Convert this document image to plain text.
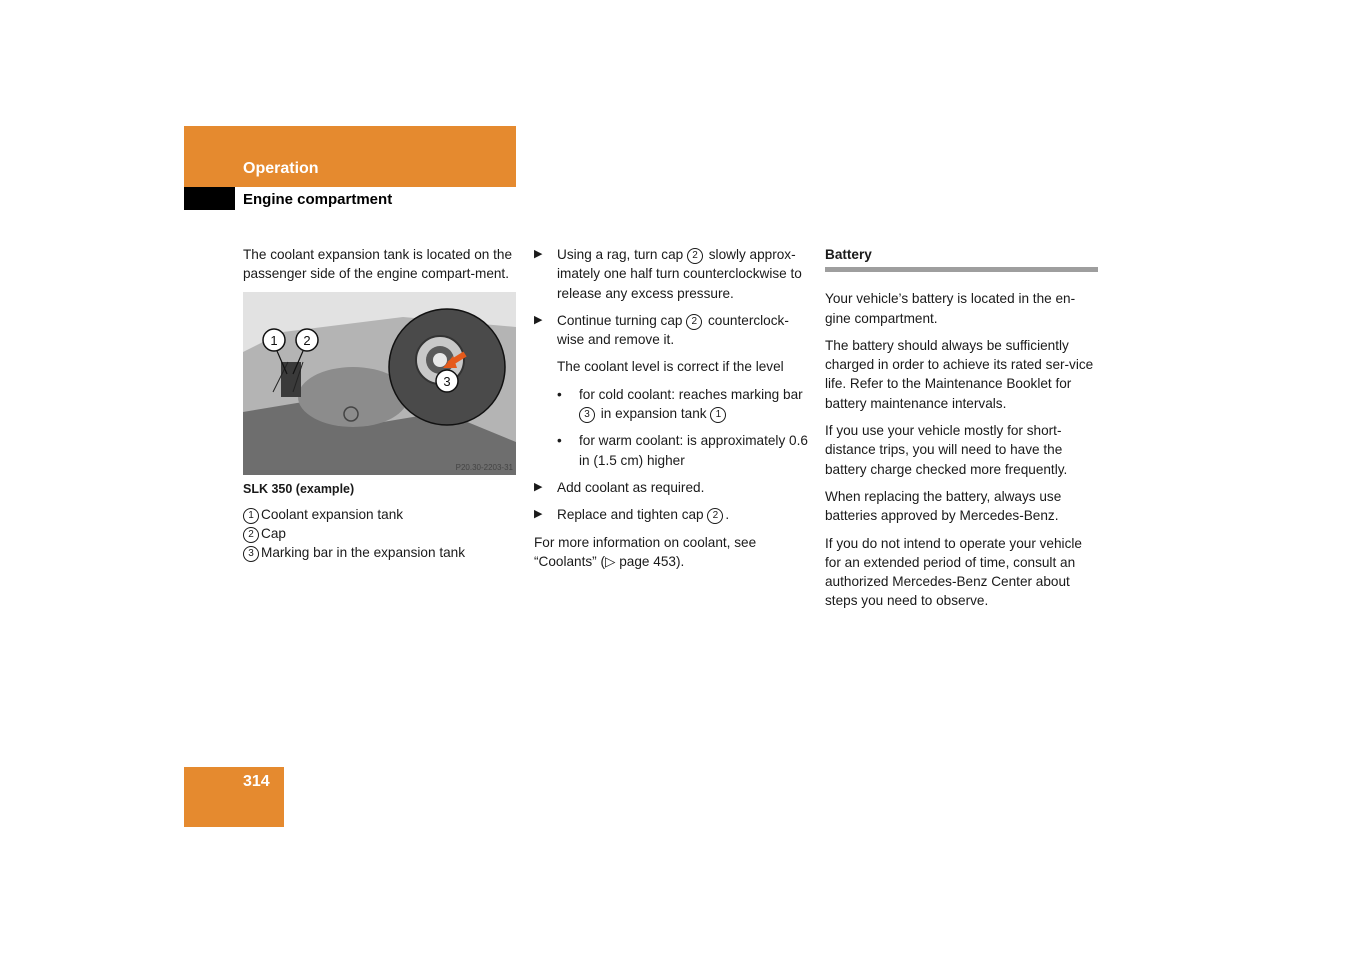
Operation
Engine compartment

The coolant expansion tank is located on the passenger side of the engine compart-ment.

1 2
3
P20.30-2203-31
SLK 350 (example)
1 Coolant expansion tank
2 Cap
3 Marking bar in the expansion tank
▶ Using a rag, turn cap 2 slowly approx-imately one half turn counterclockwise to release any excess pressure.
▶ Continue turning cap 2 counterclock-wise and remove it.

The coolant level is correct if the level

• for cold coolant: reaches marking bar 3 in expansion tank 1
• for warm coolant: is approximately 0.6 in (1.5 cm) higher
▶ Add coolant as required.
▶ Replace and tighten cap 2 .

For more information on coolant, see “Coolants” (▷ page 453).

Battery

Your vehicle’s battery is located in the en-gine compartment.

The battery should always be sufficiently charged in order to achieve its rated ser-vice life. Refer to the Maintenance Booklet for battery maintenance intervals.

If you use your vehicle mostly for short-distance trips, you will need to have the battery charge checked more frequently.

When replacing the battery, always use batteries approved by Mercedes-Benz.

If you do not intend to operate your vehicle for an extended period of time, consult an authorized Mercedes-Benz Center about steps you need to observe.

314
